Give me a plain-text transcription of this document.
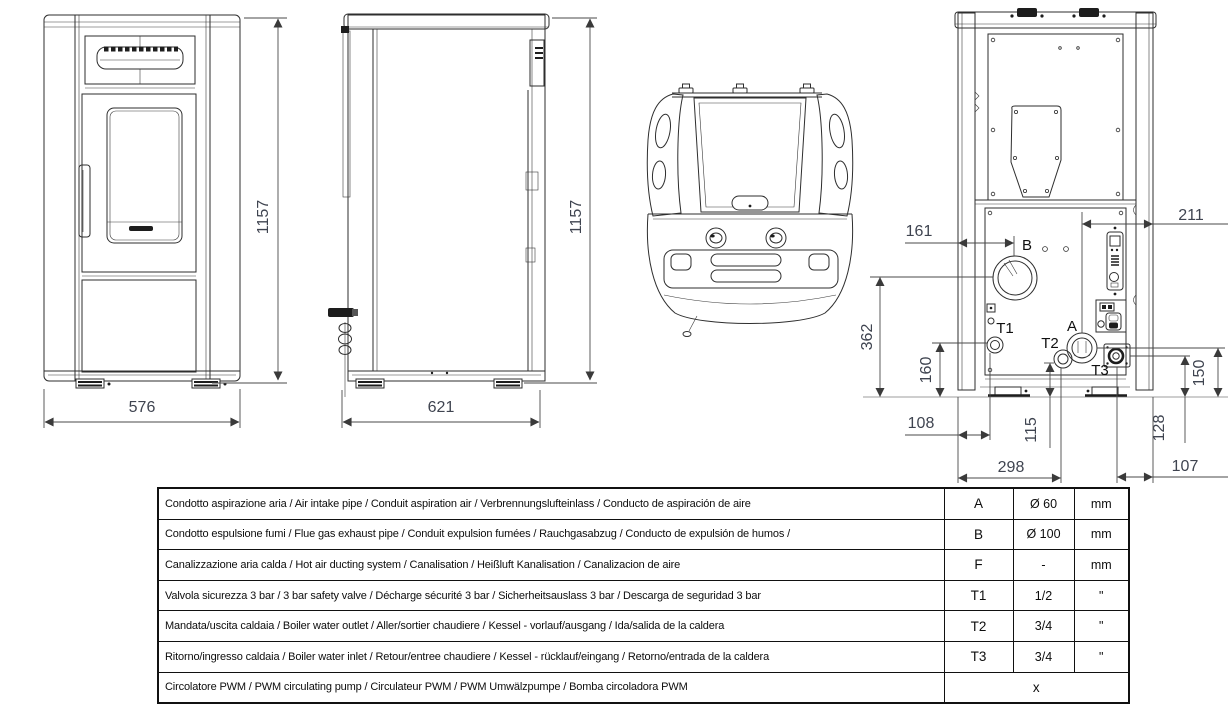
1157
576
1157
621
161
211
362
160	150
128
115
108
298	107
B
T1
T2
A
T3
Condotto aspirazione aria / Air intake pipe / Conduit aspiration air / Verbrennungslufteinlass / Conducto de aspiración de aire	A	Ø 60	mm
Condotto espulsione fumi / Flue gas exhaust pipe / Conduit expulsion fumées / Rauchgasabzug / Conducto de expulsión de humos /	B	Ø 100	mm
Canalizzazione aria calda / Hot air ducting system / Canalisation / Heißluft Kanalisation / Canalizacion de aire	F	-	mm
Valvola sicurezza 3 bar / 3 bar safety valve / Décharge sécurité 3 bar / Sicherheitsauslass 3 bar / Descarga de seguridad 3 bar	T1	1/2	"
Mandata/uscita caldaia / Boiler water outlet / Aller/sortier chaudiere / Kessel - vorlauf/ausgang / Ida/salida de la caldera	T2	3/4	"
Ritorno/ingresso caldaia / Boiler water inlet / Retour/entree chaudiere / Kessel - rücklauf/eingang / Retorno/entrada de la caldera	T3	3/4	"
Circolatore PWM / PWM circulating pump / Circulateur PWM / PWM Umwälzpumpe / Bomba circoladora PWM	x		
